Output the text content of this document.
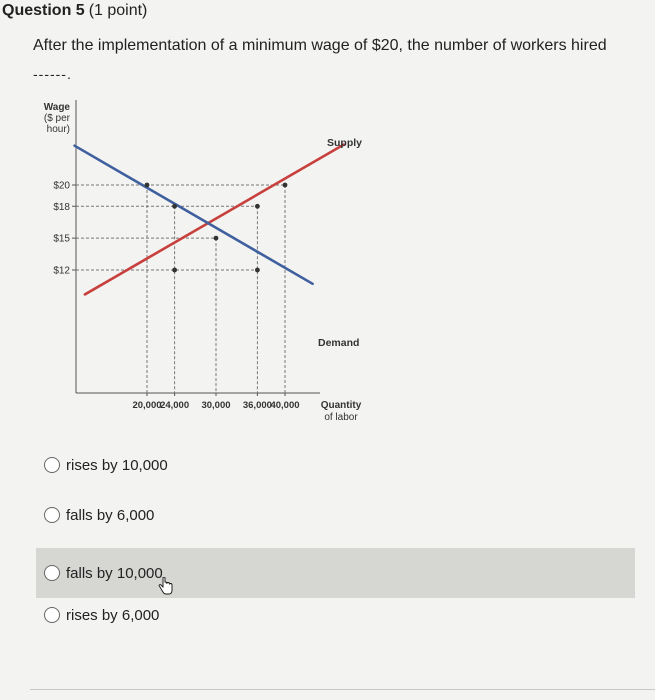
Question 5 (1 point)
After the implementation of a minimum wage of $20, the number of workers hired
------.
Wage
($ per
hour)
Quantity
of labor
$20
$18
$15
$12
20,000
24,000 30,000 36,000
40,000
Supply
Demand
rises by 10,000
falls by 6,000
falls by 10,000
rises by 6,000
